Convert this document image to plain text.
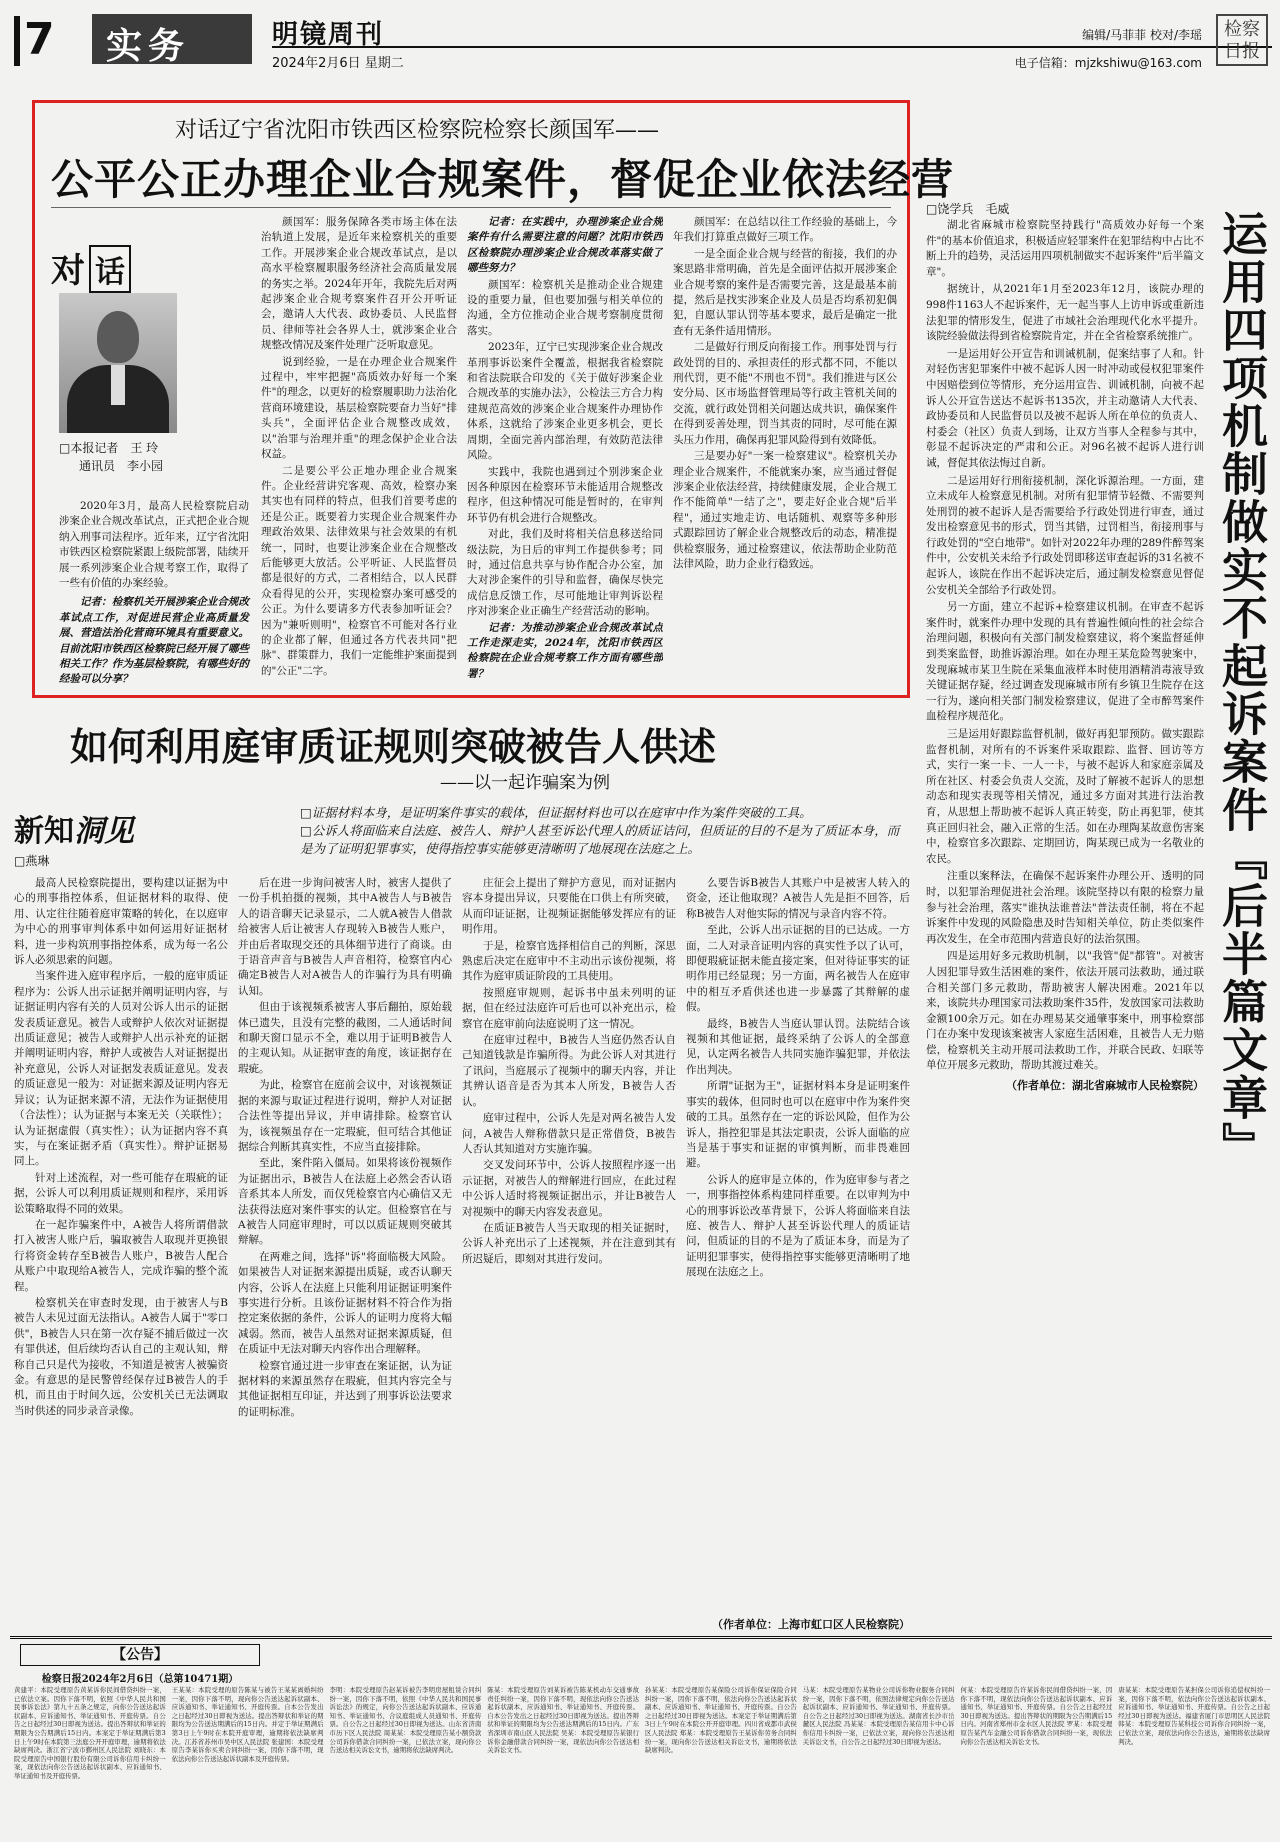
7	实务	明镜周刊
2024年2月6日 星期二
编辑/马菲菲 校对/李瑶
电子信箱：mjzkshiwu@163.com
检察日报
对话辽宁省沈阳市铁西区检察院检察长颜国军——
公平公正办理企业合规案件，督促企业依法经营
对 话
□本报记者　王 玲
通讯员　李小园

2020年3月，最高人民检察院启动涉案企业合规改革试点，正式把企业合规纳入刑事司法程序。近年来，辽宁省沈阳市铁西区检察院紧跟上级院部署，陆续开展一系列涉案企业合规考察工作，取得了一些有价值的办案经验。

记者：检察机关开展涉案企业合规改革试点工作，对促进民营企业高质量发展、营造法治化营商环境具有重要意义。目前沈阳市铁西区检察院已经开展了哪些相关工作？作为基层检察院，有哪些好的经验可以分享？

颜国军：服务保障各类市场主体在法治轨道上发展，是近年来检察机关的重要工作。开展涉案企业合规改革试点，是以高水平检察履职服务经济社会高质量发展的务实之举。2024年开年，我院先后对两起涉案企业合规考察案件召开公开听证会，邀请人大代表、政协委员、人民监督员、律师等社会各界人士，就涉案企业合规整改情况及案件处理广泛听取意见。

说到经验，一是在办理企业合规案件过程中，牢牢把握"高质效办好每一个案件"的理念，以更好的检察履职助力法治化营商环境建设，基层检察院要奋力当好"排头兵"，全面评估企业合规整改成效，以"治罪与治理并重"的理念保护企业合法权益。

二是要公平公正地办理企业合规案件。企业经营讲究客观、高效，检察办案其实也有同样的特点，但我们首要考虑的还是公正。既要着力实现企业合规案件办理政治效果、法律效果与社会效果的有机统一，同时，也要让涉案企业在合规整改后能够更大放活。公平听证、人民监督员都是很好的方式，二者相结合，以人民群众看得见的公开，实现检察办案可感受的公正。为什么要请多方代表参加听证会？因为"兼听则明"，检察官不可能对各行业的企业都了解，但通过各方代表共同"把脉"、群策群力，我们一定能维护案面提到的"公正"二字。

记者：在实践中，办理涉案企业合规案件有什么需要注意的问题？沈阳市铁西区检察院办理涉案企业合规改革落实做了哪些努力？

颜国军：检察机关是推动企业合规建设的重要力量，但也要加强与相关单位的沟通，全方位推动企业合规考察制度贯彻落实。

2023年，辽宁已实现涉案企业合规改革刑事诉讼案件全覆盖，根据我省检察院和省法院联合印发的《关于做好涉案企业合规改革的实施办法》，公检法三方合力构建规范高效的涉案企业合规案件办理协作体系，这就给了涉案企业更多机会，更长周期，全面完善内部治理，有效防范法律风险。

实践中，我院也遇到过个别涉案企业因各种原因在检察环节未能适用合规整改程序，但这种情况可能是暂时的，在审判环节仍有机会进行合规整改。

对此，我们及时将相关信息移送给同级法院，为日后的审判工作提供参考；同时，通过信息共享与协作配合办公室，加大对涉企案件的引导和监督，确保尽快完成信息反馈工作，尽可能地让审判诉讼程序对涉案企业正确生产经营活动的影响。

记者：为推动涉案企业合规改革试点工作走深走实，2024年，沈阳市铁西区检察院在企业合规考察工作方面有哪些部署？

颜国军：在总结以往工作经验的基础上，今年我们打算重点做好三项工作。

一是全面企业合规与经营的衔接，我们的办案思路非常明确，首先是全面评估拟开展涉案企业合规考察的案件是否需要完善，这是最基本前提，然后是找实涉案企业及人员是否均系初犯偶犯，自愿认罪认罚等基本要求，最后是确定一批查有无条件适用情形。

二是做好行刑反向衔接工作。刑事处罚与行政处罚的目的、承担责任的形式都不同，不能以刑代罚，更不能"不刑也不罚"。我们推进与区公安分局、区市场监督管理局等行政主管机关间的交流，就行政处罚相关问题达成共识，确保案件在得到妥善处理，罚当其责的同时，尽可能在源头压力作用，确保再犯罪风险得到有效降低。

三是要办好"一案一检察建议"。检察机关办理企业合规案件，不能就案办案，应当通过督促涉案企业依法经营，持续健康发展，企业合规工作不能简单"一结了之"，要走好企业合规"后半程"，通过实地走访、电话随机、观察等多种形式跟踪回访了解企业合规整改后的动态，精准提供检察服务，通过检察建议，依法帮助企业防范法律风险，助力企业行稳致远。

如何利用庭审质证规则突破被告人供述
——以一起诈骗案为例
新知洞见
□证据材料本身，是证明案件事实的载体，但证据材料也可以在庭审中作为案件突破的工具。
□公诉人将面临来自法庭、被告人、辩护人甚至诉讼代理人的质证诘问，但质证的目的不是为了质证本身，而是为了证明犯罪事实，使得指控事实能够更清晰明了地展现在法庭之上。
□燕琳

最高人民检察院提出，要构建以证据为中心的刑事指控体系，但证据材料的取得、使用、认定往往随着庭审策略的转化，在以庭审为中心的刑事审判体系中如何运用好证据材料，进一步构筑刑事指控体系，成为每一名公诉人必须思索的问题。

当案件进入庭审程序后，一般的庭审质证程序为：公诉人出示证据并阐明证明内容，与证据证明内容有关的人员对公诉人出示的证据发表质证意见。被告人或辩护人依次对证据提出质证意见；被告人或辩护人出示补充的证据并阐明证明内容，辩护人或被告人对证据提出补充意见，公诉人对证据发表质证意见。发表的质证意见一般为：对证据来源及证明内容无异议；认为证据来源不清，无法作为证据使用（合法性）；认为证据与本案无关（关联性）；认为证据虚假（真实性）；认为证据内容不真实，与在案证据矛盾（真实性）。辩护证据易同上。

针对上述流程，对一些可能存在瑕疵的证据，公诉人可以利用质证规则和程序，采用诉讼策略取得不同的效果。

在一起诈骗案件中，A被告人将所谓借款打入被害人账户后，骗取被告人取现并更换银行将资金转存至B被告人账户，B被告人配合从账户中取现给A被告人，完成诈骗的整个流程。

检察机关在审查时发现，由于被害人与B被告人未见过面无法指认。A被告人属于"零口供"，B被告人只在第一次存疑不捕后做过一次有罪供述，但后续均否认自己的主观认知，辩称自己只是代为接收，不知道是被害人被骗资金。有意思的是民警曾经保存过B被告人的手机，而且由于时间久远，公安机关已无法调取当时供述的同步录音录像。

后在进一步询问被害人时，被害人提供了一份手机拍摄的视频，其中A被告人与B被告人的语音聊天记录显示，二人就A被告人借款给被害人后让被害人存现转入B被告人账户，并由后者取现交还的具体细节进行了商谈。由于语音声音与B被告人声音相符，检察官内心确定B被告人对A被告人的诈骗行为具有明确认知。

但由于该视频系被害人事后翻拍，原始载体已遗失，且没有完整的截图，二人通话时间和聊天窗口显示不全，难以用于证明B被告人的主观认知。从证据审查的角度，该证据存在瑕疵。

为此，检察官在庭前会议中，对该视频证据的来源与取证过程进行说明，辩护人对证据合法性等提出异议，并申请排除。检察官认为，该视频虽存在一定瑕疵，但可结合其他证据综合判断其真实性，不应当直接排除。

至此，案件陷入僵局。如果将该份视频作为证据出示，B被告人在法庭上必然会否认语音系其本人所发，而仅凭检察官内心确信又无法获得法庭对案件事实的认定。但检察官在与A被告人同庭审理时，可以以质证规则突破其辩解。

在两难之间，选择"诉"将面临极大风险。如果被告人对证据来源提出质疑，或否认聊天内容，公诉人在法庭上只能利用证据证明案件事实进行分析。且该份证据材料不符合作为指控定案依据的条件，公诉人的证明力度将大幅减弱。然而，被告人虽然对证据来源质疑，但在质证中无法对聊天内容作出合理解释。

检察官通过进一步审查在案证据，认为证据材料的来源虽然存在瑕疵，但其内容完全与其他证据相互印证，并达到了刑事诉讼法要求的证明标准。

庄征会上提出了辩护方意见，而对证据内容本身提出异议，只要能在口供上有所突破，从而印证证据，让视频证据能够发挥应有的证明作用。

于是，检察官选择相信自己的判断，深思熟虑后决定在庭审中不主动出示该份视频，将其作为庭审质证阶段的工具使用。

按照庭审规则，起诉书中虽未列明的证据，但在经过法庭许可后也可以补充出示，检察官在庭审前向法庭说明了这一情况。

在庭审过程中，B被告人当庭仍然否认自己知道钱款是诈骗所得。为此公诉人对其进行了讯问，当庭展示了视频中的聊天内容，并让其辨认语音是否为其本人所发，B被告人否认。

庭审过程中，公诉人先是对两名被告人发问，A被告人辩称借款只是正常借贷，B被告人否认其知道对方实施诈骗。

交叉发问环节中，公诉人按照程序逐一出示证据，对被告人的辩解进行回应，在此过程中公诉人适时将视频证据出示，并让B被告人对视频中的聊天内容发表意见。

在质证B被告人当天取现的相关证据时，公诉人补充出示了上述视频，并在注意到其有所迟疑后，即刻对其进行发问。

么要告诉B被告人其账户中是被害人转入的资金，还让他取现？A被告人先是拒不回答，后称B被告人对他实际的情况与录音内容不符。

至此，公诉人出示证据的目的已达成。一方面，二人对录音证明内容的真实性予以了认可，即便瑕疵证据未能直接定案，但对待证事实的证明作用已经显现；另一方面，两名被告人在庭审中的相互矛盾供述也进一步暴露了其辩解的虚假。

最终，B被告人当庭认罪认罚。法院结合该视频和其他证据，最终采纳了公诉人的全部意见，认定两名被告人共同实施诈骗犯罪，并依法作出判决。

所谓"证据为王"，证据材料本身是证明案件事实的载体，但同时也可以在庭审中作为案件突破的工具。虽然存在一定的诉讼风险，但作为公诉人，指控犯罪是其法定职责，公诉人面临的应当是基于事实和证据的审慎判断，而非畏难回避。

公诉人的庭审是立体的，作为庭审参与者之一，刑事指控体系构建同样重要。在以审判为中心的刑事诉讼改革背景下，公诉人将面临来自法庭、被告人、辩护人甚至诉讼代理人的质证诘问，但质证的目的不是为了质证本身，而是为了证明犯罪事实，使得指控事实能够更清晰明了地展现在法庭之上。

（作者单位：上海市虹口区人民检察院）
□饶学兵　毛威
运用四项机制做实不起诉案件『后半篇文章』

湖北省麻城市检察院坚持践行"高质效办好每一个案件"的基本价值追求，积极适应轻罪案件在犯罪结构中占比不断上升的趋势，灵活运用四项机制做实不起诉案件"后半篇文章"。

据统计，从2021年1月至2023年12月，该院办理的998件1163人不起诉案件，无一起当事人上访申诉或重新违法犯罪的情形发生，促进了市域社会治理现代化水平提升。该院经验做法得到省检察院肯定，并在全省检察系统推广。

一是运用好公开宣告和训诫机制，促案结事了人和。针对轻伤害犯罪案件中被不起诉人因一时冲动或侵权犯罪案件中因赔偿到位等情形，充分运用宣告、训诫机制，向被不起诉人公开宣告送达不起诉书135次，并主动邀请人大代表、政协委员和人民监督员以及被不起诉人所在单位的负责人、村委会（社区）负责人到场，让双方当事人全程参与其中，彰显不起诉决定的严肃和公正。对96名被不起诉人进行训诫，督促其依法悔过自新。

二是运用好行刑衔接机制，深化诉源治理。一方面，建立未成年人检察意见机制。对所有犯罪情节轻微、不需要判处刑罚的被不起诉人是否需要给予行政处罚进行审查，通过发出检察意见书的形式，罚当其错，过罚相当，衔接刑事与行政处罚的"空白地带"。如针对2022年办理的289件醉驾案件中，公安机关未给予行政处罚即移送审查起诉的31名被不起诉人，该院在作出不起诉决定后，通过制发检察意见督促公安机关全部给予行政处罚。

另一方面，建立不起诉+检察建议机制。在审查不起诉案件时，就案件办理中发现的具有普遍性倾向性的社会综合治理问题，积极向有关部门制发检察建议，将个案监督延伸到类案监督，助推诉源治理。如在办理王某危险驾驶案中，发现麻城市某卫生院在采集血液样本时使用酒精消毒液导致关键证据存疑，经过调查发现麻城市所有乡镇卫生院存在这一行为，遂向相关部门制发检察建议，促进了全市醉驾案件血检程序规范化。

三是运用好跟踪监督机制，做好再犯罪预防。做实跟踪监督机制，对所有的不诉案件采取跟踪、监督、回访等方式，实行一案一卡、一人一卡，与被不起诉人和家庭亲属及所在社区、村委会负责人交流，及时了解被不起诉人的思想动态和现实表现等相关情况，通过多方面对其进行法治教育，从思想上帮助被不起诉人真正转变，防止再犯罪，使其真正回归社会，融入正常的生活。如在办理陶某故意伤害案中，检察官多次跟踪、定期回访，陶某现已成为一名敬业的农民。

注重以案释法，在确保不起诉案件办理公开、透明的同时，以犯罪治理促进社会治理。该院坚持以有限的检察力量参与社会治理，落实"谁执法谁普法"普法责任制，将在不起诉案件中发现的风险隐患及时告知相关单位，防止类似案件再次发生，在全市范围内营造良好的法治氛围。

四是运用好多元救助机制，以"我管"促"都管"。对被害人因犯罪导致生活困难的案件，依法开展司法救助，通过联合相关部门多元救助，帮助被害人解决困难。2021年以来，该院共办理国家司法救助案件35件，发放国家司法救助金额100余万元。如在办理易某交通肇事案中，刑事检察部门在办案中发现该案被害人家庭生活困难，且被告人无力赔偿，检察机关主动开展司法救助工作，并联合民政、妇联等单位开展多元救助，帮助其渡过难关。

（作者单位：湖北省麻城市人民检察院）
【公告】
检察日报2024年2月6日（总第10471期）
黄建平：本院受理原告黄某诉你民间借贷纠纷一案，已依法立案。因你下落不明，依照《中华人民共和国民事诉讼法》第九十五条之规定，向你公告送达起诉状副本、应诉通知书、举证通知书、开庭传票。自公告之日起经过30日即视为送达。提出答辩状和举证的期限为公告期满后15日内。本案定于举证期满后第3日上午9时在本院第三法庭公开开庭审理，逾期将依法缺席判决。浙江省宁波市鄞州区人民法院 刘晓东：本院受理原告中国银行股份有限公司诉你信用卡纠纷一案，现依法向你公告送达起诉状副本、应诉通知书、举证通知书及开庭传票。
王某某：本院受理的原告陈某与被告王某某离婚纠纷一案，因你下落不明，现向你公告送达起诉状副本、应诉通知书、举证通知书、开庭传票。自本公告发出之日起经过30日即视为送达。提出答辩状和举证的期限均为公告送达期满后的15日内。并定于举证期满后第3日上午9时在本院开庭审理，逾期将依法缺席判决。江苏省苏州市吴中区人民法院 张建国：本院受理原告李某诉你买卖合同纠纷一案，因你下落不明，现依法向你公告送达起诉状副本及开庭传票。
李明：本院受理原告赵某诉被告李明房屋租赁合同纠纷一案，因你下落不明，依照《中华人民共和国民事诉讼法》的规定，向你公告送达起诉状副本、应诉通知书、举证通知书、合议庭组成人员通知书、开庭传票。自公告之日起经过30日即视为送达。山东省济南市历下区人民法院 周某某：本院受理原告某小额贷款公司诉你借款合同纠纷一案，已依法立案，现向你公告送达相关诉讼文书，逾期将依法缺席判决。
陈某：本院受理原告刘某诉被告陈某机动车交通事故责任纠纷一案，因你下落不明，现依法向你公告送达起诉状副本、应诉通知书、举证通知书、开庭传票。自本公告发出之日起经过30日即视为送达。提出答辩状和举证的期限均为公告送达期满后的15日内。广东省深圳市南山区人民法院 吴某：本院受理原告某银行诉你金融借款合同纠纷一案，现依法向你公告送达相关诉讼文书。
孙某某：本院受理原告某保险公司诉你保证保险合同纠纷一案，因你下落不明，依法向你公告送达起诉状副本、应诉通知书、举证通知书、开庭传票。自公告之日起经过30日即视为送达。本案定于举证期满后第3日上午9时在本院公开开庭审理。四川省成都市武侯区人民法院 郑某：本院受理原告王某诉你劳务合同纠纷一案，现向你公告送达相关诉讼文书，逾期将依法缺席判决。
马某：本院受理原告某物业公司诉你物业服务合同纠纷一案，因你下落不明，依照法律规定向你公告送达起诉状副本、应诉通知书、举证通知书、开庭传票。自公告之日起经过30日即视为送达。湖南省长沙市岳麓区人民法院 冯某某：本院受理原告某信用卡中心诉你信用卡纠纷一案，已依法立案，现向你公告送达相关诉讼文书，自公告之日起经过30日即视为送达。
何某：本院受理原告许某诉你民间借贷纠纷一案，因你下落不明，现依法向你公告送达起诉状副本、应诉通知书、举证通知书、开庭传票。自公告之日起经过30日即视为送达。提出答辩状的期限为公告期满后15日内。河南省郑州市金水区人民法院 罗某：本院受理原告某汽车金融公司诉你借款合同纠纷一案，现依法向你公告送达相关诉讼文书。
唐某某：本院受理原告某担保公司诉你追偿权纠纷一案，因你下落不明，依法向你公告送达起诉状副本、应诉通知书、举证通知书、开庭传票。自公告之日起经过30日即视为送达。福建省厦门市思明区人民法院 韩某：本院受理原告某科技公司诉你合同纠纷一案，已依法立案，现依法向你公告送达，逾期将依法缺席判决。
